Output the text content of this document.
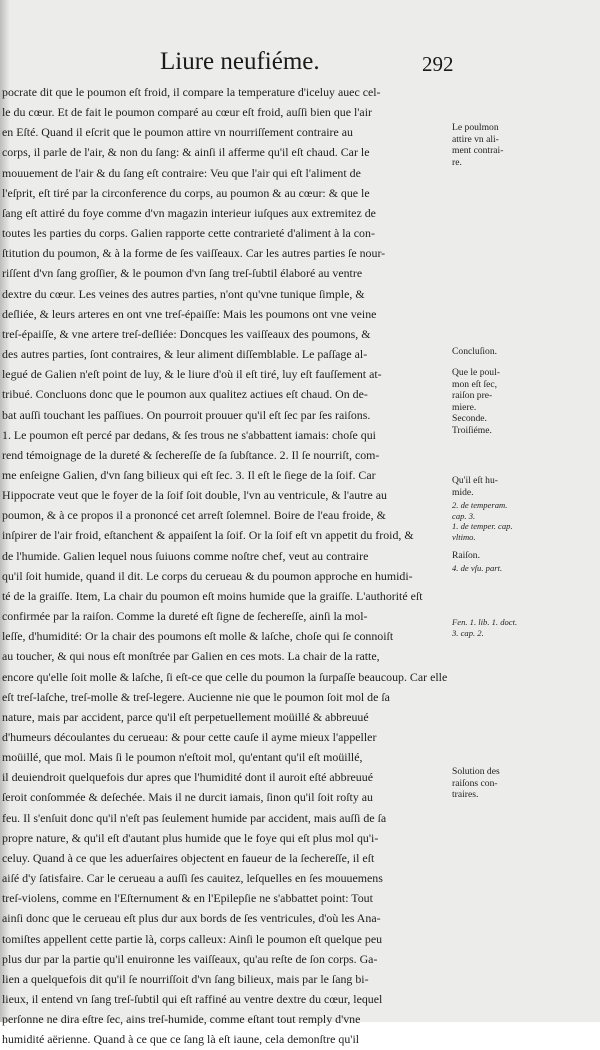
Liure neufiéme.	292
pocrate dit que le poumon eſt froid, il compare la temperature d'iceluy auec cel-
le du cœur. Et de fait le poumon comparé au cœur eſt froid, auſſi bien que l'air
en Eſté. Quand il eſcrit que le poumon attire vn nourriſſement contraire au
corps, il parle de l'air, & non du ſang: & ainſi il afferme qu'il eſt chaud. Car le
mouuement de l'air & du ſang eſt contraire: Veu que l'air qui eſt l'aliment de
l'eſprit, eſt tiré par la circonference du corps, au poumon & au cœur: & que le
ſang eſt attiré du foye comme d'vn magazin interieur iuſques aux extremitez de
toutes les parties du corps. Galien rapporte cette contrarieté d'aliment à la con-
ſtitution du poumon, & à la forme de ſes vaiſſeaux. Car les autres parties ſe nour-
riſſent d'vn ſang groſſier, & le poumon d'vn ſang treſ-ſubtil élaboré au ventre
dextre du cœur. Les veines des autres parties, n'ont qu'vne tunique ſimple, &
deſliée, & leurs arteres en ont vne treſ-épaiſſe: Mais les poumons ont vne veine
treſ-épaiſſe, & vne artere treſ-deſliée: Doncques les vaiſſeaux des poumons, &
des autres parties, ſont contraires, & leur aliment diſſemblable. Le paſſage al-
legué de Galien n'eſt point de luy, & le liure d'où il eſt tiré, luy eſt fauſſement at-
tribué. Concluons donc que le poumon aux qualitez actiues eſt chaud. On de-
bat auſſi touchant les paſſiues. On pourroit prouuer qu'il eſt ſec par ſes raiſons.
1. Le poumon eſt percé par dedans, & ſes trous ne s'abbattent iamais: choſe qui
rend témoignage de la dureté & ſechereſſe de ſa ſubſtance. 2. Il ſe nourriſt, com-
me enſeigne Galien, d'vn ſang bilieux qui eſt ſec. 3. Il eſt le ſiege de la ſoif. Car
Hippocrate veut que le foyer de la ſoif ſoit double, l'vn au ventricule, & l'autre au
poumon, & à ce propos il a prononcé cet arreſt ſolemnel. Boire de l'eau froide, &
inſpirer de l'air froid, eſtanchent & appaiſent la ſoif. Or la ſoif eſt vn appetit du froid, &
de l'humide. Galien lequel nous ſuiuons comme noſtre chef, veut au contraire
qu'il ſoit humide, quand il dit. Le corps du cerueau & du poumon approche en humidi-
té de la graiſſe. Item, La chair du poumon eſt moins humide que la graiſſe. L'authorité eſt
confirmée par la raiſon. Comme la dureté eſt ſigne de ſechereſſe, ainſi la mol-
leſſe, d'humidité: Or la chair des poumons eſt molle & laſche, choſe qui ſe connoiſt
au toucher, & qui nous eſt monſtrée par Galien en ces mots. La chair de la ratte,
encore qu'elle ſoit molle & laſche, ſi eſt-ce que celle du poumon la ſurpaſſe beaucoup. Car elle
eſt treſ-laſche, treſ-molle & treſ-legere. Aucienne nie que le poumon ſoit mol de ſa
nature, mais par accident, parce qu'il eſt perpetuellement moüillé & abbreuué
d'humeurs découlantes du cerueau: & pour cette cauſe il ayme mieux l'appeller
moüillé, que mol. Mais ſi le poumon n'eſtoit mol, qu'entant qu'il eſt moüillé,
il deuiendroit quelquefois dur apres que l'humidité dont il auroit eſté abbreuué
ſeroit conſommée & deſechée. Mais il ne durcit iamais, ſinon qu'il ſoit roſty au
feu. Il s'enſuit donc qu'il n'eſt pas ſeulement humide par accident, mais auſſi de ſa
propre nature, & qu'il eſt d'autant plus humide que le foye qui eſt plus mol qu'i-
celuy. Quand à ce que les aduerſaires objectent en faueur de la ſechereſſe, il eſt
aiſé d'y ſatisfaire. Car le cerueau a auſſi ſes cauitez, leſquelles en ſes mouuemens
treſ-violens, comme en l'Eſternument & en l'Epilepſie ne s'abbattet point: Tout
ainſi donc que le cerueau eſt plus dur aux bords de ſes ventricules, d'où les Ana-
tomiſtes appellent cette partie là, corps calleux: Ainſi le poumon eſt quelque peu
plus dur par la partie qu'il enuironne les vaiſſeaux, qu'au reſte de ſon corps. Ga-
lien a quelquefois dit qu'il ſe nourriſſoit d'vn ſang bilieux, mais par le ſang bi-
lieux, il entend vn ſang treſ-ſubtil qui eſt raffiné au ventre dextre du cœur, lequel
perſonne ne dira eſtre ſec, ains treſ-humide, comme eſtant tout remply d'vne
humidité aërienne. Quand à ce que ce ſang là eſt iaune, cela demonſtre qu'il
Le poulmon
attire vn ali-
ment contrai-
re.
Concluſion.
Que le poul-
mon eſt ſec,
raiſon pre-
miere.
Seconde.
Troiſiéme.
Qu'il eſt hu-
mide.
2. de temperam.
cap. 3.
1. de temper. cap.
vltimo.
Raiſon.
4. de vſu. part.
Fen. 1. lib. 1. doct.
3. cap. 2.
Solution des
raiſons con-
traires.
